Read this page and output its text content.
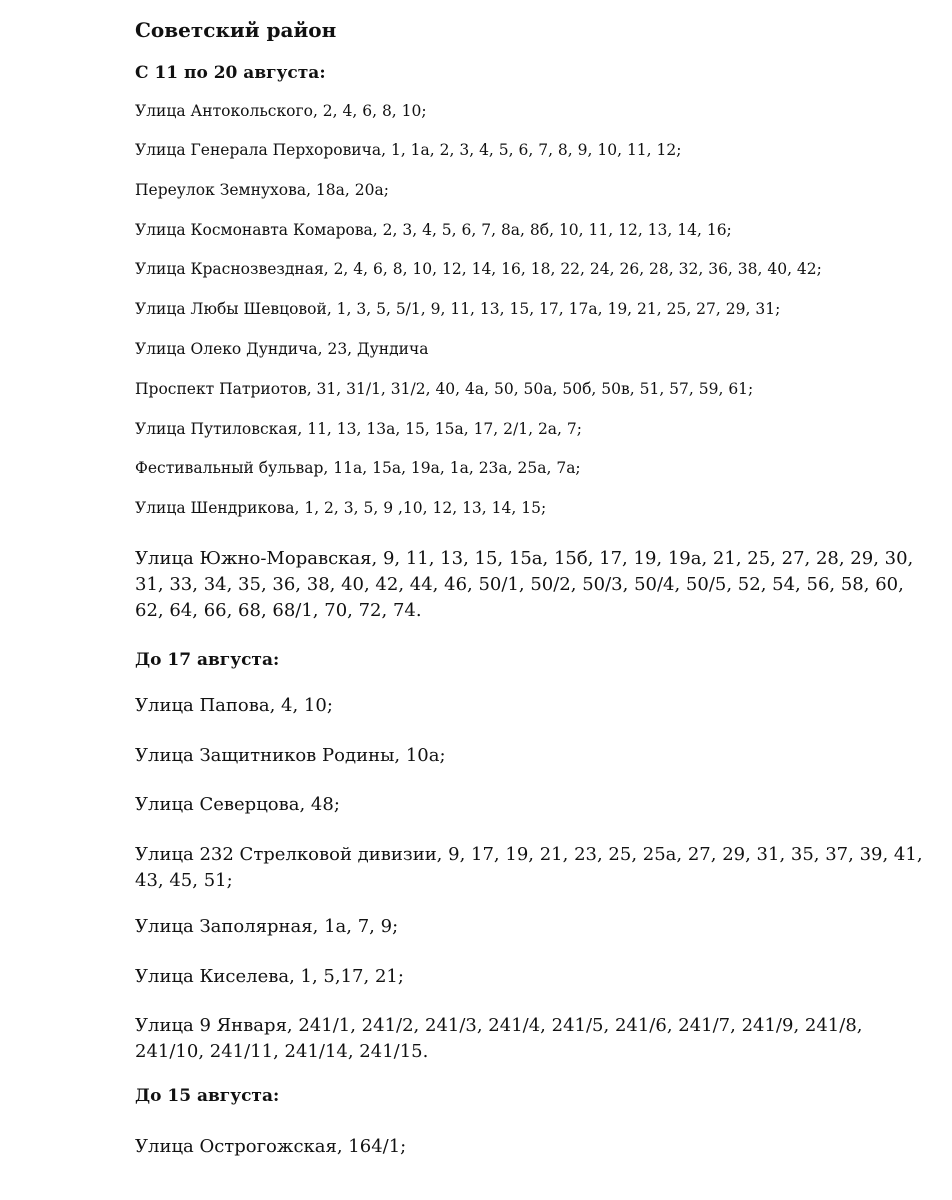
Советский район
С 11 по 20 августа:

Улица Антокольского, 2, 4, 6, 8, 10;

Улица Генерала Перхоровича, 1, 1а, 2, 3, 4, 5, 6, 7, 8, 9, 10, 11, 12;

Переулок Земнухова, 18а, 20а;

Улица Космонавта Комарова, 2, 3, 4, 5, 6, 7, 8а, 8б, 10, 11, 12, 13, 14, 16;

Улица Краснозвездная, 2, 4, 6, 8, 10, 12, 14, 16, 18, 22, 24, 26, 28, 32, 36, 38, 40, 42;

Улица Любы Шевцовой, 1, 3, 5, 5/1, 9, 11, 13, 15, 17, 17а, 19, 21, 25, 27, 29, 31;

Улица Олеко Дундича, 23, Дундича

Проспект Патриотов, 31, 31/1, 31/2, 40, 4а, 50, 50а, 50б, 50в, 51, 57, 59, 61;

Улица Путиловская, 11, 13, 13а, 15, 15а, 17, 2/1, 2а, 7;

Фестивальный бульвар, 11а, 15а, 19а, 1а, 23а, 25а, 7а;

Улица Шендрикова, 1, 2, 3, 5, 9 ,10, 12, 13, 14, 15;

Улица Южно-Моравская, 9, 11, 13, 15, 15а, 15б, 17, 19, 19а, 21, 25, 27, 28, 29, 30, 31, 33, 34, 35, 36, 38, 40, 42, 44, 46, 50/1, 50/2, 50/3, 50/4, 50/5, 52, 54, 56, 58, 60, 62, 64, 66, 68, 68/1, 70, 72, 74.

До 17 августа:

Улица Папова, 4, 10;

Улица Защитников Родины, 10а;

Улица Северцова, 48;

Улица 232 Стрелковой дивизии, 9, 17, 19, 21, 23, 25, 25а, 27, 29, 31, 35, 37, 39, 41, 43, 45, 51;

Улица Заполярная, 1а, 7, 9;

Улица Киселева, 1, 5,17, 21;

Улица 9 Января, 241/1, 241/2, 241/3, 241/4, 241/5, 241/6, 241/7, 241/9, 241/8, 241/10, 241/11, 241/14, 241/15.

До 15 августа:

Улица Острогожская, 164/1;
